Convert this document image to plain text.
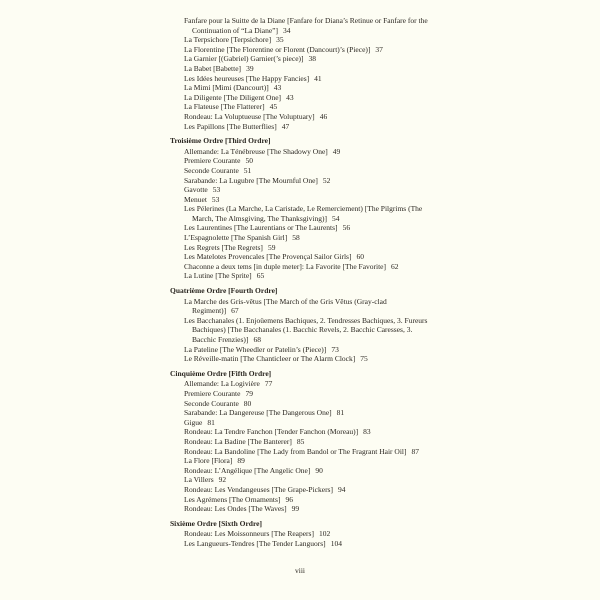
Fanfare pour la Suitte de la Diane [Fanfare for Diana’s Retinue or Fanfare for the Continuation of “La Diane”] 34
La Terpsichore [Terpsichore] 35
La Florentine [The Florentine or Florent (Dancourt)’s (Piece)] 37
La Garnier [(Gabriel) Garnier(’s piece)] 38
La Babet [Babette] 39
Les Idées heureuses [The Happy Fancies] 41
La Mimi [Mimi (Dancourt)] 43
La Diligente [The Diligent One] 43
La Flateuse [The Flatterer] 45
Rondeau: La Voluptueuse [The Voluptuary] 46
Les Papillons [The Butterflies] 47
Troisième Ordre [Third Ordre]
Allemande: La Ténébreuse [The Shadowy One] 49
Premiere Courante 50
Seconde Courante 51
Sarabande: La Lugubre [The Mournful One] 52
Gavotte 53
Menuet 53
Les Pélerines (La Marche, La Caristade, Le Remerciement) [The Pilgrims (The March, The Almsgiving, The Thanksgiving)] 54
Les Laurentines [The Laurentians or The Laurents] 56
L’Espagnolette [The Spanish Girl] 58
Les Regrets [The Regrets] 59
Les Matelotes Provencales [The Provençal Sailor Girls] 60
Chaconne a deux tems [in duple meter]: La Favorite [The Favorite] 62
La Lutine [The Sprite] 65
Quatrième Ordre [Fourth Ordre]
La Marche des Gris-vêtus [The March of the Gris Vêtus (Gray-clad Regiment)] 67
Les Bacchanales (1. Enjoüemens Bachiques, 2. Tendresses Bachiques, 3. Fureurs Bachiques) [The Bacchanales (1. Bacchic Revels, 2. Bacchic Caresses, 3. Bacchic Frenzies)] 68
La Pateline [The Wheedler or Patelin’s (Piece)] 73
Le Réveille-matin [The Chanticleer or The Alarm Clock] 75
Cinquième Ordre [Fifth Ordre]
Allemande: La Logivière 77
Premiere Courante 79
Seconde Courante 80
Sarabande: La Dangereuse [The Dangerous One] 81
Gigue 81
Rondeau: La Tendre Fanchon [Tender Fanchon (Moreau)] 83
Rondeau: La Badine [The Banterer] 85
Rondeau: La Bandoline [The Lady from Bandol or The Fragrant Hair Oil] 87
La Flore [Flora] 89
Rondeau: L’Angélique [The Angelic One] 90
La Villers 92
Rondeau: Les Vendangeuses [The Grape-Pickers] 94
Les Agrémens [The Ornaments] 96
Rondeau: Les Ondes [The Waves] 99
Sixième Ordre [Sixth Ordre]
Rondeau: Les Moissonneurs [The Reapers] 102
Les Langueurs-Tendres [The Tender Languors] 104
viii
